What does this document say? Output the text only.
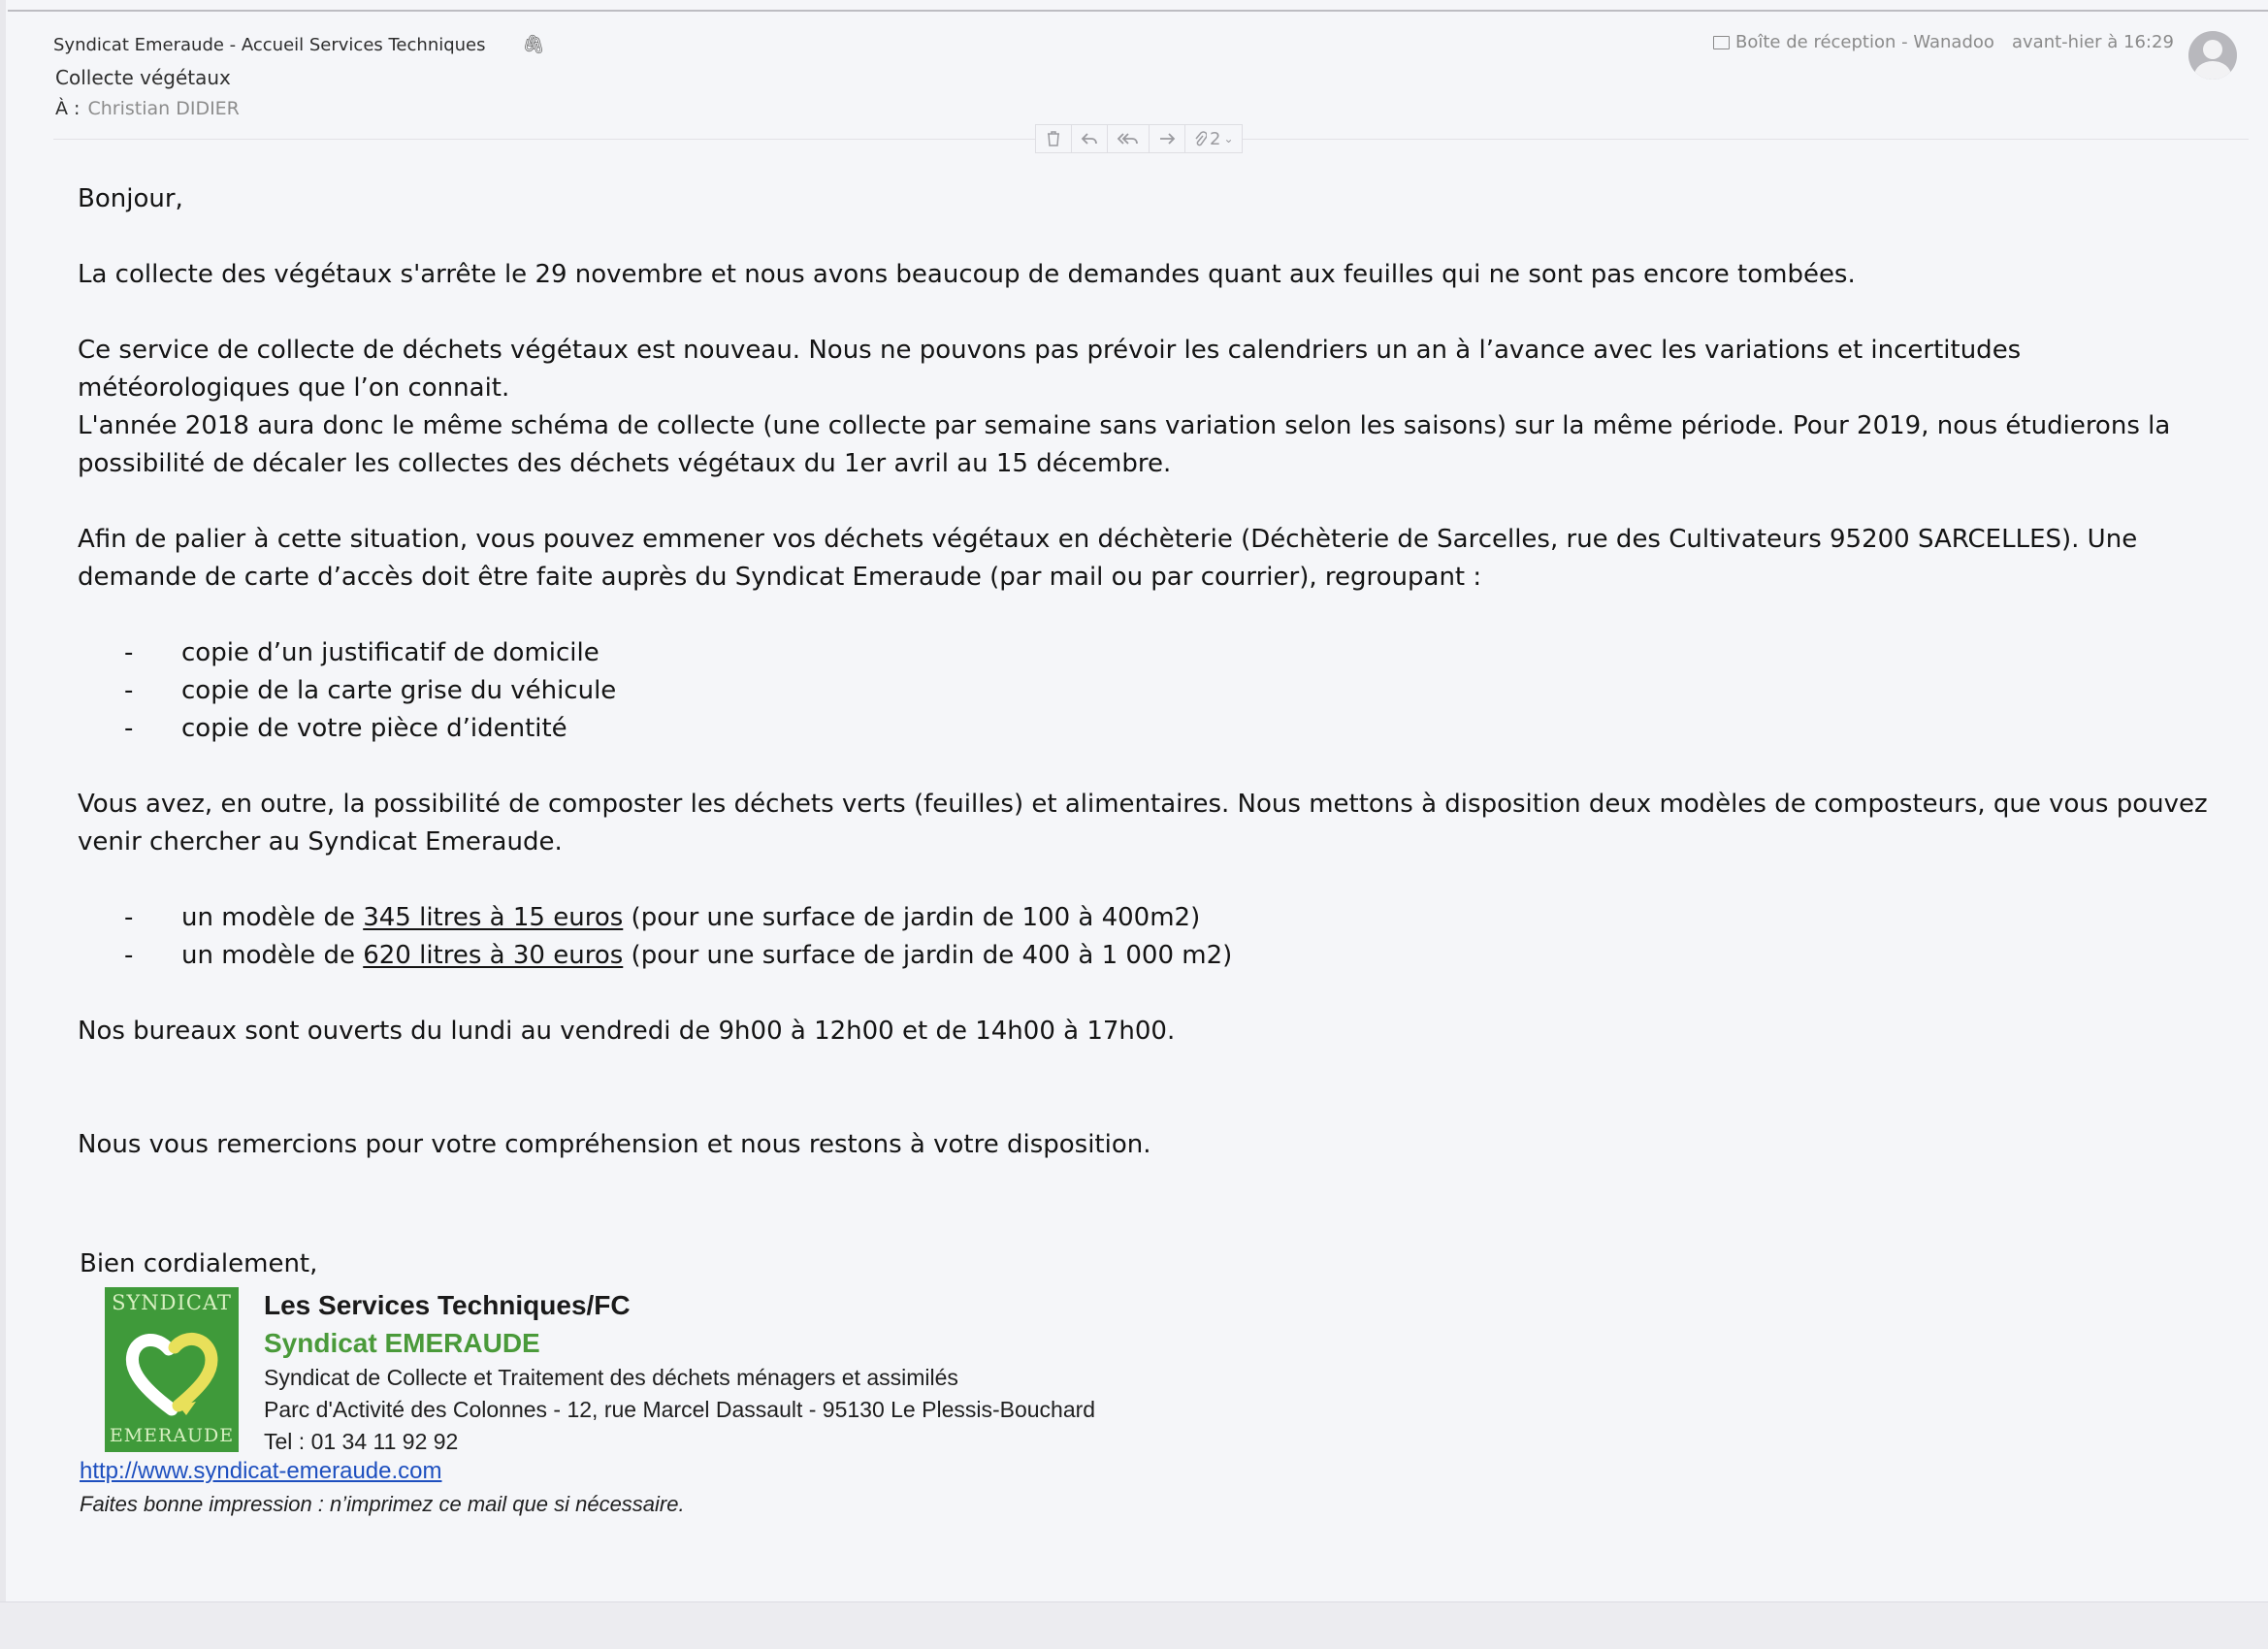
Syndicat Emeraude - Accueil Services Techniques 🖇
Collecte végétaux
À : Christian DIDIER
Boîte de réception - Wanadoo avant-hier à 16:29
2 ⌄

Bonjour,

La collecte des végétaux s'arrête le 29 novembre et nous avons beaucoup de demandes quant aux feuilles qui ne sont pas encore tombées.

Ce service de collecte de déchets végétaux est nouveau. Nous ne pouvons pas prévoir les calendriers un an à l’avance avec les variations et incertitudes météorologiques que l’on connait.

L'année 2018 aura donc le même schéma de collecte (une collecte par semaine sans variation selon les saisons) sur la même période. Pour 2019, nous étudierons la possibilité de décaler les collectes des déchets végétaux du 1er avril au 15 décembre.

Afin de palier à cette situation, vous pouvez emmener vos déchets végétaux en déchèterie (Déchèterie de Sarcelles, rue des Cultivateurs 95200 SARCELLES). Une demande de carte d’accès doit être faite auprès du Syndicat Emeraude (par mail ou par courrier), regroupant :

- copie d’un justificatif de domicile
- copie de la carte grise du véhicule
- copie de votre pièce d’identité

Vous avez, en outre, la possibilité de composter les déchets verts (feuilles) et alimentaires. Nous mettons à disposition deux modèles de composteurs, que vous pouvez venir chercher au Syndicat Emeraude.

- un modèle de 345 litres à 15 euros (pour une surface de jardin de 100 à 400m2)
- un modèle de 620 litres à 30 euros (pour une surface de jardin de 400 à 1 000 m2)

Nos bureaux sont ouverts du lundi au vendredi de 9h00 à 12h00 et de 14h00 à 17h00.

Nous vous remercions pour votre compréhension et nous restons à votre disposition.

Bien cordialement,
SYNDICAT
EMERAUDE
Les Services Techniques/FC
Syndicat EMERAUDE
Syndicat de Collecte et Traitement des déchets ménagers et assimilés
Parc d'Activité des Colonnes - 12, rue Marcel Dassault - 95130 Le Plessis-Bouchard
Tel : 01 34 11 92 92
http://www.syndicat-emeraude.com
Faites bonne impression : n’imprimez ce mail que si nécessaire.
